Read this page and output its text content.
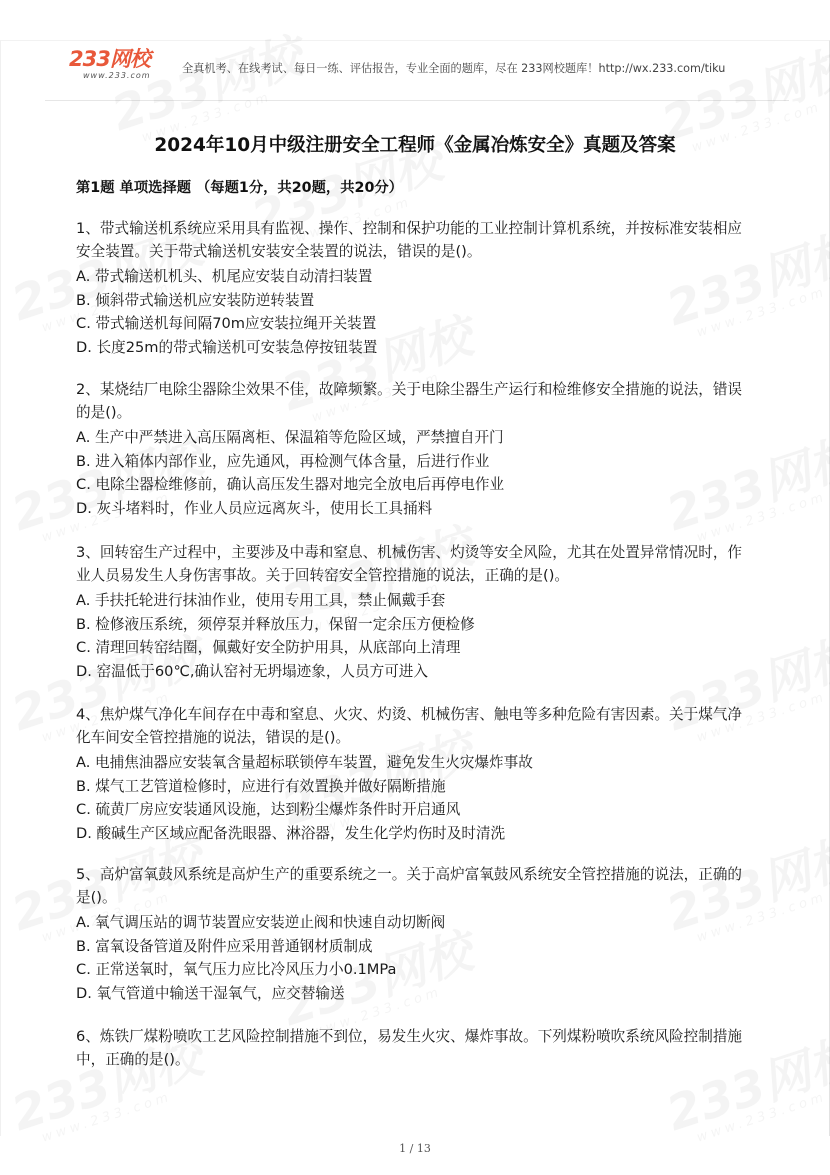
233网校
www.233.com
全真机考、在线考试、每日一练、评估报告，专业全面的题库，尽在 233网校题库！http://wx.233.com/tiku
2024年10月中级注册安全工程师《金属冶炼安全》真题及答案
第1题 单项选择题 （每题1分，共20题，共20分）
1、带式输送机系统应采用具有监视、操作、控制和保护功能的工业控制计算机系统，并按标准安装相应安全装置。关于带式输送机安装安全装置的说法，错误的是()。
A. 带式输送机机头、机尾应安装自动清扫装置
B. 倾斜带式输送机应安装防逆转装置
C. 带式输送机每间隔70m应安装拉绳开关装置
D. 长度25m的带式输送机可安装急停按钮装置
2、某烧结厂电除尘器除尘效果不佳，故障频繁。关于电除尘器生产运行和检维修安全措施的说法，错误的是()。
A. 生产中严禁进入高压隔离柜、保温箱等危险区域，严禁擅自开门
B. 进入箱体内部作业，应先通风，再检测气体含量，后进行作业
C. 电除尘器检维修前，确认高压发生器对地完全放电后再停电作业
D. 灰斗堵料时，作业人员应远离灰斗，使用长工具捅料
3、回转窑生产过程中，主要涉及中毒和窒息、机械伤害、灼烫等安全风险，尤其在处置异常情况时，作业人员易发生人身伤害事故。关于回转窑安全管控措施的说法，正确的是()。
A. 手扶托轮进行抹油作业，使用专用工具，禁止佩戴手套
B. 检修液压系统，须停泵并释放压力，保留一定余压方便检修
C. 清理回转窑结圈，佩戴好安全防护用具，从底部向上清理
D. 窑温低于60℃,确认窑衬无坍塌迹象，人员方可进入
4、焦炉煤气净化车间存在中毒和窒息、火灾、灼烫、机械伤害、触电等多种危险有害因素。关于煤气净化车间安全管控措施的说法，错误的是()。
A. 电捕焦油器应安装氧含量超标联锁停车装置，避免发生火灾爆炸事故
B. 煤气工艺管道检修时，应进行有效置换并做好隔断措施
C. 硫黄厂房应安装通风设施，达到粉尘爆炸条件时开启通风
D. 酸碱生产区域应配备洗眼器、淋浴器，发生化学灼伤时及时清洗
5、高炉富氧鼓风系统是高炉生产的重要系统之一。关于高炉富氧鼓风系统安全管控措施的说法，正确的是()。
A. 氧气调压站的调节装置应安装逆止阀和快速自动切断阀
B. 富氧设备管道及附件应采用普通钢材质制成
C. 正常送氧时，氧气压力应比冷风压力小0.1MPa
D. 氧气管道中输送干湿氧气，应交替输送
6、炼铁厂煤粉喷吹工艺风险控制措施不到位，易发生火灾、爆炸事故。下列煤粉喷吹系统风险控制措施中，正确的是()。
1 / 13
